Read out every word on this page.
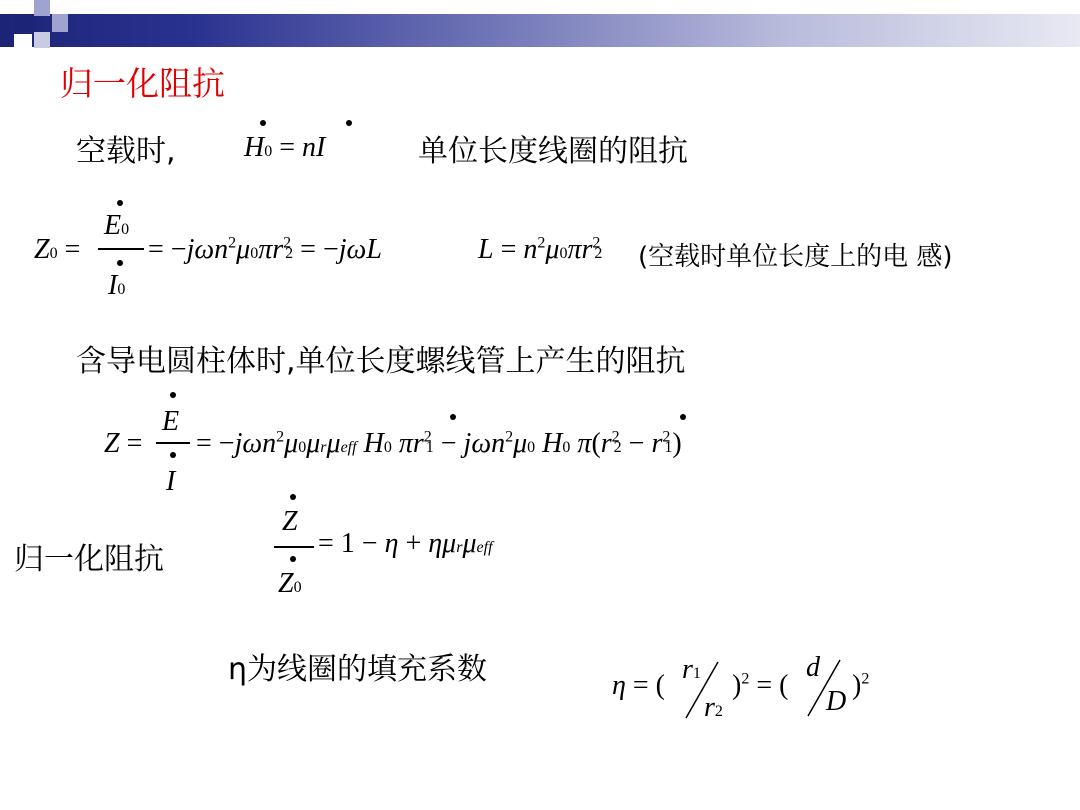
归一化阻抗
空载时, H0 = nI	单位长度线圈的阻抗
Z0 =
E0
I0
= $-j\omega n^2\mu 0\pi r^22 = -j\omega L$	$L = n^2\mu 0\pi r^22$ (空载时单位长度上的电 感)
含导电圆柱体时,单位长度螺线管上产生的阻抗
Z =
E
I
= −jωn$^2$μ0μrμeff H0 $\pi r^21 - j\omega n^2\mu 0$ H0 $\pi(r^22 - r^21)$
归一化阻抗
Z
Z0
= 1 − η + ημrμeff
η为线圈的填充系数	η = (
r1
r2
)$^2$ = (
d
D
)$^2$
